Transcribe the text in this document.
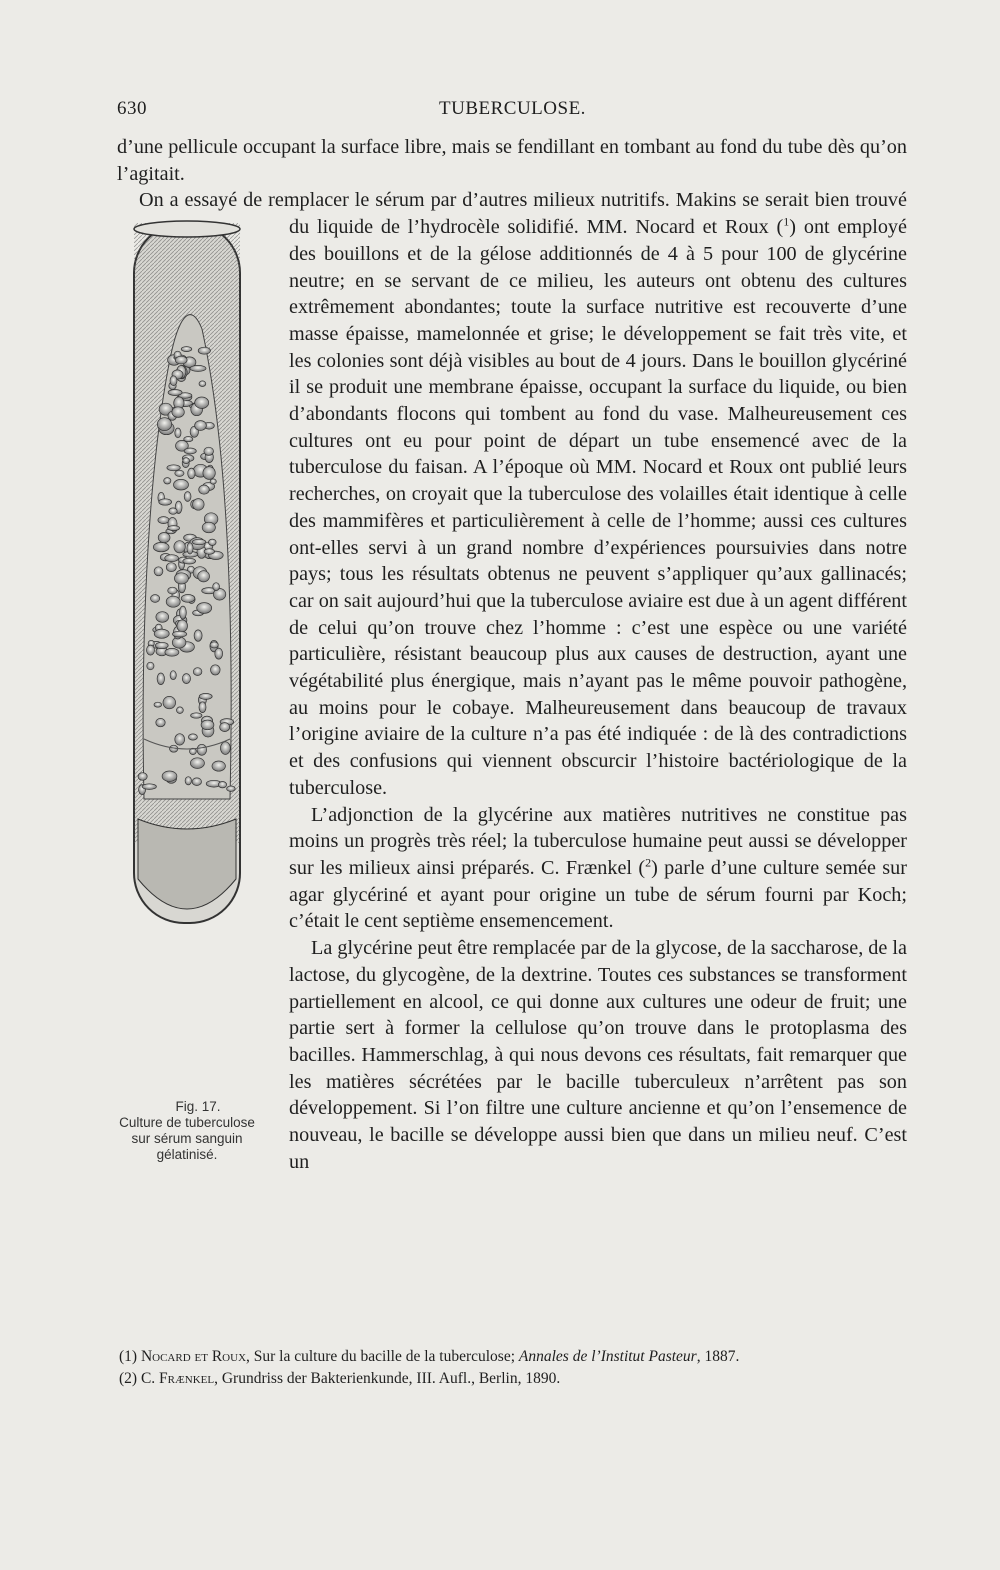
630	TUBERCULOSE.

d’une pellicule occupant la surface libre, mais se fendillant en tombant au fond du tube dès qu’on l’agitait.

On a essayé de remplacer le sérum par d’autres milieux nutritifs. Makins se serait bien trouvé du liquide de l’hydrocèle solidifié. MM. Nocard et Roux ($^1$
Fig. 17.
Culture de tuberculose sur sérum sanguin gélatinisé.
) ont employé des bouillons et de la gélose additionnés de 4 à 5 pour 100 de glycérine neutre; en se servant de ce milieu, les auteurs ont obtenu des cultures extrêmement abondantes; toute la surface nutritive est recouverte d’une masse épaisse, mamelonnée et grise; le développement se fait très vite, et les colonies sont déjà visibles au bout de 4 jours. Dans le bouillon glycériné il se produit une membrane épaisse, occupant la surface du liquide, ou bien d’abondants flocons qui tombent au fond du vase. Malheureusement ces cultures ont eu pour point de départ un tube ensemencé avec de la tuberculose du faisan. A l’époque où MM. Nocard et Roux ont publié leurs recherches, on croyait que la tuberculose des volailles était identique à celle des mammifères et particulièrement à celle de l’homme; aussi ces cultures ont-elles servi à un grand nombre d’expériences poursuivies dans notre pays; tous les résultats obtenus ne peuvent s’appliquer qu’aux gallinacés; car on sait aujourd’hui que la tuberculose aviaire est due à un agent différent de celui qu’on trouve chez l’homme : c’est une espèce ou une variété particulière, résistant beaucoup plus aux causes de destruction, ayant une végétabilité plus énergique, mais n’ayant pas le même pouvoir pathogène, au moins pour le cobaye. Malheureusement dans beaucoup de travaux l’origine aviaire de la culture n’a pas été indiquée : de là des contradictions et des confusions qui viennent obscurcir l’histoire bactériologique de la tuberculose.

L’adjonction de la glycérine aux matières nutritives ne constitue pas moins un progrès très réel; la tuberculose humaine peut aussi se développer sur les milieux ainsi préparés. C. Frænkel ($^2$) parle d’une culture semée sur agar glycériné et ayant pour origine un tube de sérum fourni par Koch; c’était le cent septième ensemencement.

La glycérine peut être remplacée par de la glycose, de la saccharose, de la lactose, du glycogène, de la dextrine. Toutes ces substances se transforment partiellement en alcool, ce qui donne aux cultures une odeur de fruit; une partie sert à former la cellulose qu’on trouve dans le protoplasma des bacilles. Hammerschlag, à qui nous devons ces résultats, fait remarquer que les matières sécrétées par le bacille tuberculeux n’arrêtent pas son développement. Si l’on filtre une culture ancienne et qu’on l’ensemence de nouveau, le bacille se développe aussi bien que dans un milieu neuf. C’est un

(1) Nocard et Roux, Sur la culture du bacille de la tuberculose; Annales de l’Institut Pasteur, 1887.

(2) C. Frænkel, Grundriss der Bakterienkunde, III. Aufl., Berlin, 1890.
